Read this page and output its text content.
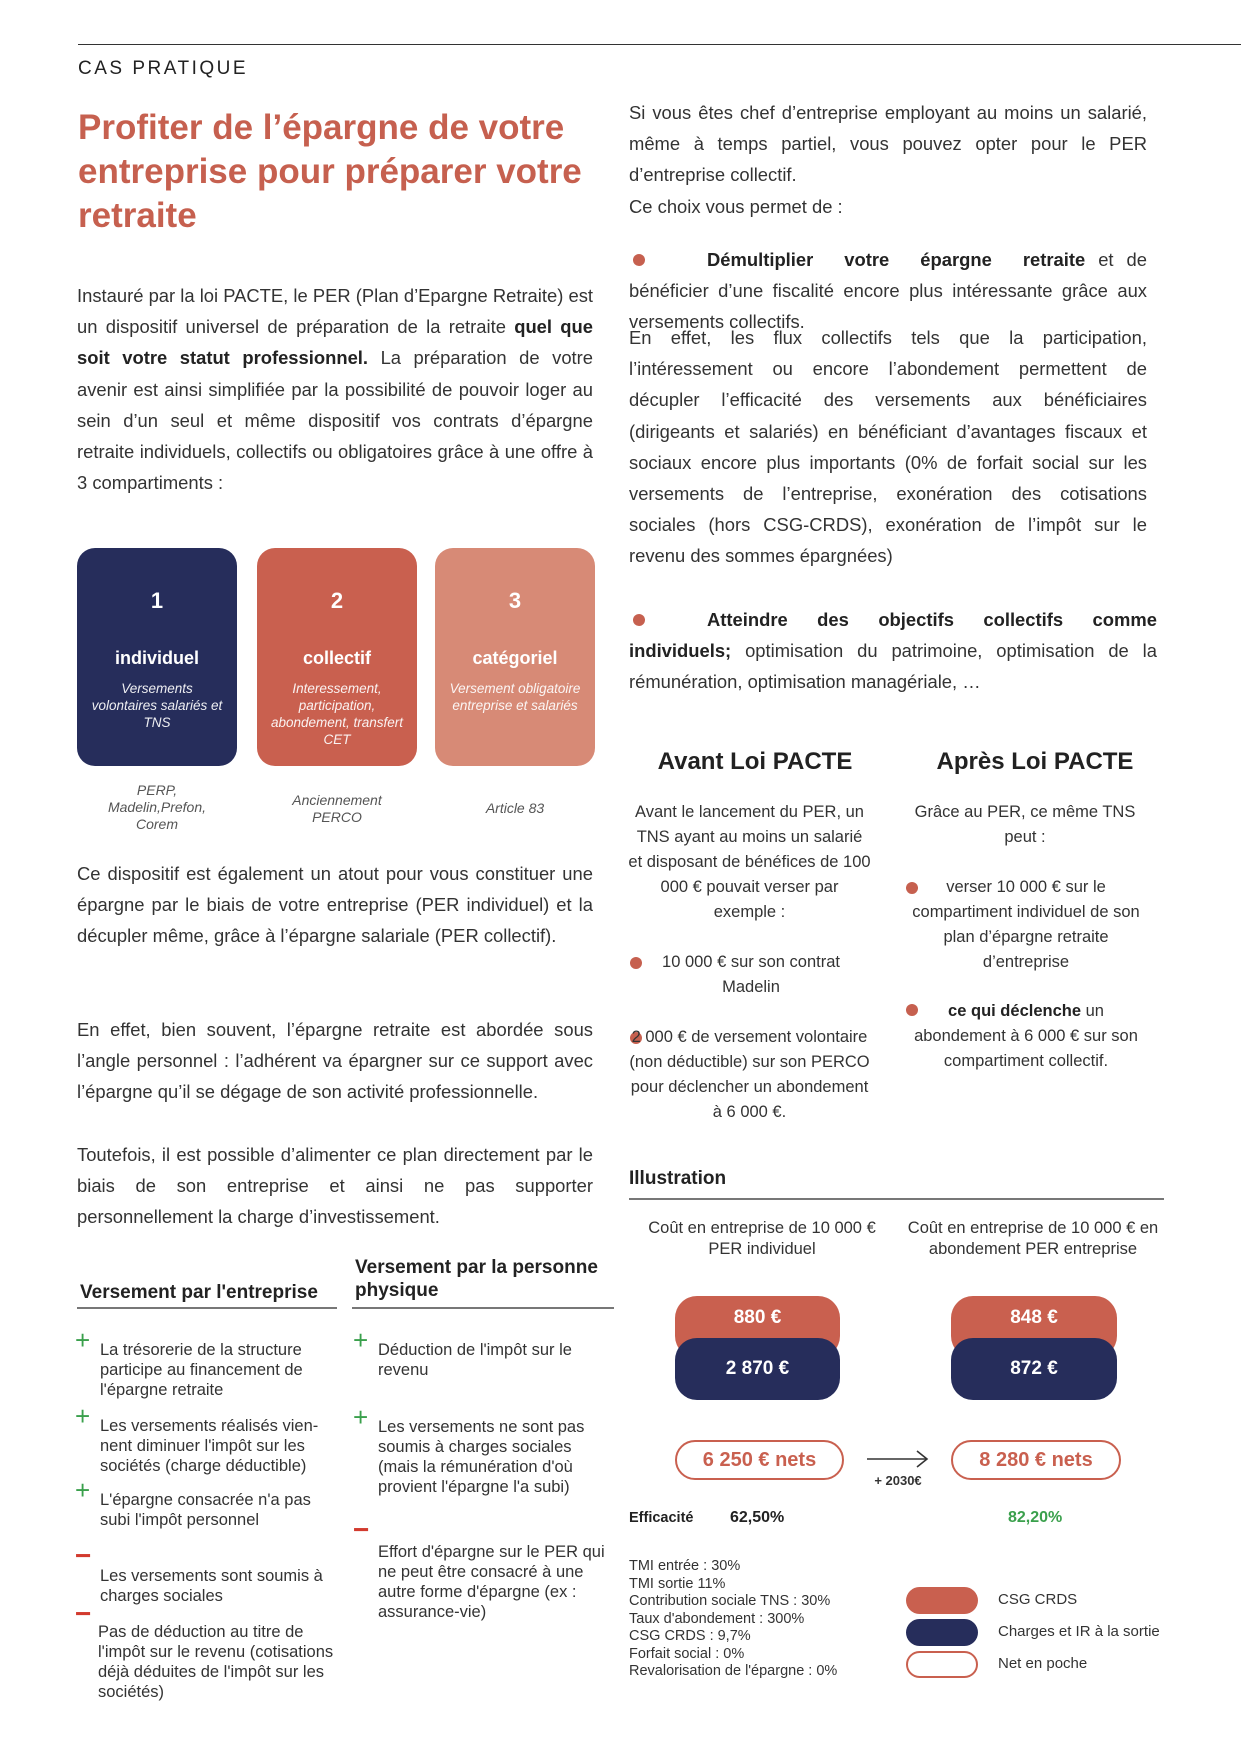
CAS PRATIQUE
Profiter de l’épargne de votre entreprise pour préparer votre retraite
Instauré par la loi PACTE, le PER (Plan d’Epargne Retraite) est un dispositif universel de préparation de la retraite quel que soit votre statut professionnel. La préparation de votre avenir est ainsi simplifiée par la possibilité de pouvoir loger au sein d’un seul et même dispositif vos contrats d’épargne retraite individuels, collectifs ou obligatoires grâce à une offre à 3 compartiments :
1
individuel
Versements volontaires salariés et TNS
2
collectif
Interessement, participation, abondement, transfert CET
3
catégoriel
Versement obligatoire entreprise et salariés
PERP, Madelin,Prefon, Corem
Anciennement PERCO
Article 83
Ce dispositif est également un atout pour vous constituer une épargne par le biais de votre entreprise (PER individuel) et la décupler même, grâce à l’épargne salariale (PER collectif).
En effet, bien souvent, l’épargne retraite est abordée sous l’angle personnel : l’adhérent va épargner sur ce support avec l’épargne qu’il se dégage de son activité professionnelle.
Toutefois, il est possible d’alimenter ce plan directement par le biais de son entreprise et ainsi ne pas supporter personnellement la charge d’investissement.
Versement par l'entreprise
Versement par la personne physique
+ La trésorerie de la structure participe au financement de l'épargne retraite
+ Les versements réalisés vien-nent diminuer l'impôt sur les sociétés (charge déductible)
+ L'épargne consacrée n'a pas subi l'impôt personnel
−
Les versements sont soumis à charges sociales
−
Pas de déduction au titre de l'impôt sur le revenu (cotisations déjà déduites de l'impôt sur les sociétés)
+ Déduction de l'impôt sur le revenu
+ Les versements ne sont pas soumis à charges sociales (mais la rémunération d'où provient l'épargne l'a subi)
−
Effort d'épargne sur le PER qui ne peut être consacré à une autre forme d'épargne (ex : assurance-vie)
Si vous êtes chef d’entreprise employant au moins un salarié, même à temps partiel, vous pouvez opter pour le PER d’entreprise collectif.
Ce choix vous permet de :
Démultiplier votre épargne retraite et de bénéficier d’une fiscalité encore plus intéressante grâce aux versements collectifs.
En effet, les flux collectifs tels que la participation, l’intéressement ou encore l’abondement permettent de décupler l’efficacité des versements aux bénéficiaires (dirigeants et salariés) en bénéficiant d’avantages fiscaux et sociaux encore plus importants (0% de forfait social sur les versements de l’entreprise, exonération des cotisations sociales (hors CSG-CRDS), exonération de l’impôt sur le revenu des sommes épargnées)
Atteindre des objectifs collectifs comme
individuels; optimisation du patrimoine, optimisation de la rémunération, optimisation managériale, …
Avant Loi PACTE	Après Loi PACTE
Avant le lancement du PER, un TNS ayant au moins un salarié et disposant de bénéfices de 100 000 € pouvait verser par exemple :
10 000 € sur son contrat Madelin
2 000 € de versement volontaire (non déductible) sur son PERCO pour déclencher un abondement à 6 000 €.
Grâce au PER, ce même TNS peut :
verser 10 000 € sur le compartiment individuel de son plan d’épargne retraite d’entreprise
ce qui déclenche un abondement à 6 000 € sur son compartiment collectif.
Illustration
Coût en entreprise de 10 000 € PER individuel
Coût en entreprise de 10 000 € en abondement PER entreprise
880 €
2 870 €
848 €
872 €
6 250 € nets	8 280 € nets
+ 2030€
Efficacité 62,50%	82,20%
TMI entrée : 30%
TMI sortie 11%
Contribution sociale TNS : 30%
Taux d'abondement : 300%
CSG CRDS : 9,7%
Forfait social : 0%
Revalorisation de l'épargne : 0%
CSG CRDS
Charges et IR à la sortie
Net en poche
